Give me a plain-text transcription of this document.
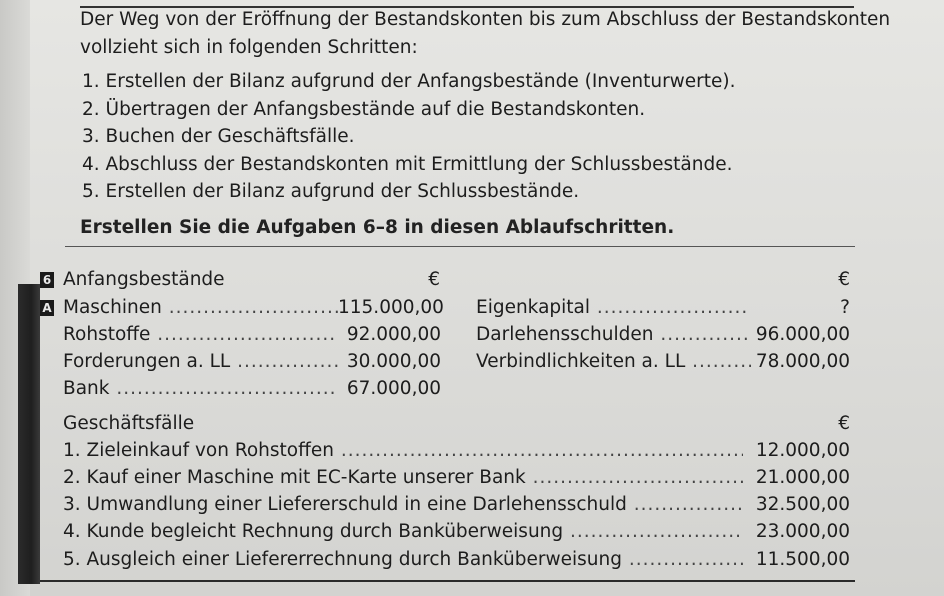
Der Weg von der Eröffnung der Bestandskonten bis zum Abschluss der Bestandskonten
vollzieht sich in folgenden Schritten:
1. Erstellen der Bilanz aufgrund der Anfangsbestände (Inventurwerte).
2. Übertragen der Anfangsbestände auf die Bestandskonten.
3. Buchen der Geschäftsfälle.
4. Abschluss der Bestandskonten mit Ermittlung der Schlussbestände.
5. Erstellen der Bilanz aufgrund der Schlussbestände.
Erstellen Sie die Aufgaben 6–8 in diesen Ablaufschritten.
6
A
Anfangsbestände	€	€
Maschinen .....	115.000,00
Rohstoffe .....	92.000,00
Forderungen a. LL .....	30.000,00
Bank .....	67.000,00
Eigenkapital .....	?
Darlehensschulden .....	96.000,00
Verbindlichkeiten a. LL .....	78.000,00
Geschäftsfälle	€
1. Zieleinkauf von Rohstoffen .....	12.000,00
2. Kauf einer Maschine mit EC-Karte unserer Bank .....	21.000,00
3. Umwandlung einer Liefererschuld in eine Darlehensschuld .....	32.500,00
4. Kunde begleicht Rechnung durch Banküberweisung .....	23.000,00
5. Ausgleich einer Liefererrechnung durch Banküberweisung .....	11.500,00
